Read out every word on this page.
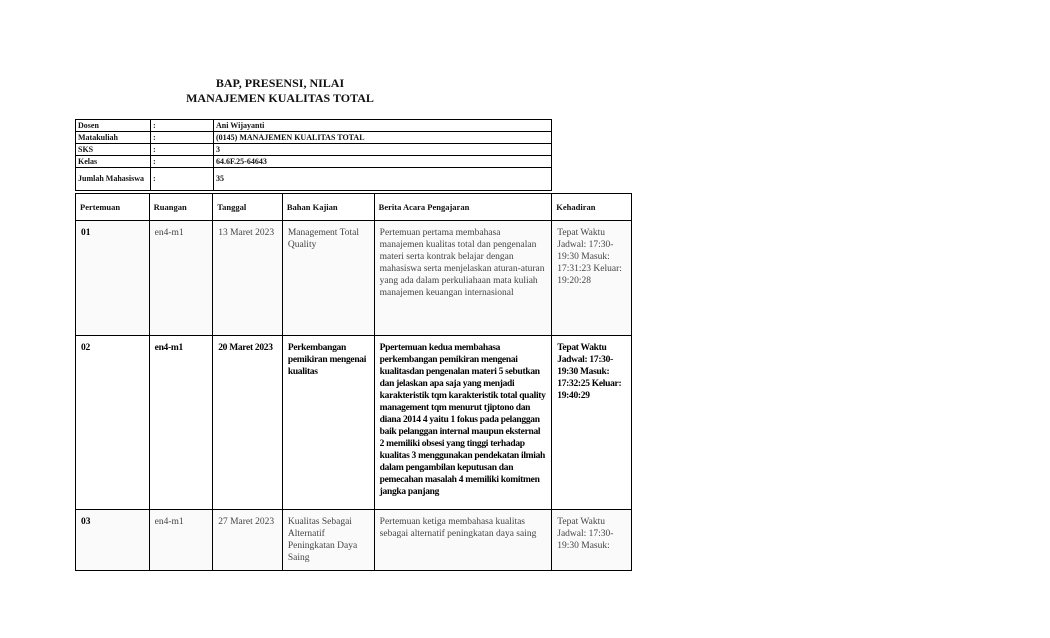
BAP, PRESENSI, NILAI
MANAJEMEN KUALITAS TOTAL
Dosen	:	Ani Wijayanti
Matakuliah	:	(0145) MANAJEMEN KUALITAS TOTAL
SKS	:	3
Kelas	:	64.6F.25-64643
Jumlah Mahasiswa	:	35
Pertemuan	Ruangan	Tanggal	Bahan Kajian	Berita Acara Pengajaran	Kehadiran
01	en4-m1	13 Maret 2023	Management Total Quality	Pertemuan pertama membahasa manajemen kualitas total dan pengenalan materi serta kontrak belajar dengan mahasiswa serta menjelaskan aturan-aturan yang ada dalam perkuliahaan mata kuliah manajemen keuangan internasional	Tepat Waktu Jadwal: 17:30-19:30 Masuk: 17:31:23 Keluar: 19:20:28
02	en4-m1	20 Maret 2023	Perkembangan pemikiran mengenai kualitas	Ppertemuan kedua membahasa perkembangan pemikiran mengenai kualitasdan pengenalan materi 5 sebutkan dan jelaskan apa saja yang menjadi karakteristik tqm karakteristik total quality management tqm menurut tjiptono dan diana 2014 4 yaitu 1 fokus pada pelanggan baik pelanggan internal maupun eksternal 2 memiliki obsesi yang tinggi terhadap kualitas 3 menggunakan pendekatan ilmiah dalam pengambilan keputusan dan pemecahan masalah 4 memiliki komitmen jangka panjang	Tepat Waktu Jadwal: 17:30-19:30 Masuk: 17:32:25 Keluar: 19:40:29
03	en4-m1	27 Maret 2023	Kualitas Sebagai Alternatif Peningkatan Daya Saing	Pertemuan ketiga membahasa kualitas sebagai alternatif peningkatan daya saing	Tepat Waktu Jadwal: 17:30-19:30 Masuk:
